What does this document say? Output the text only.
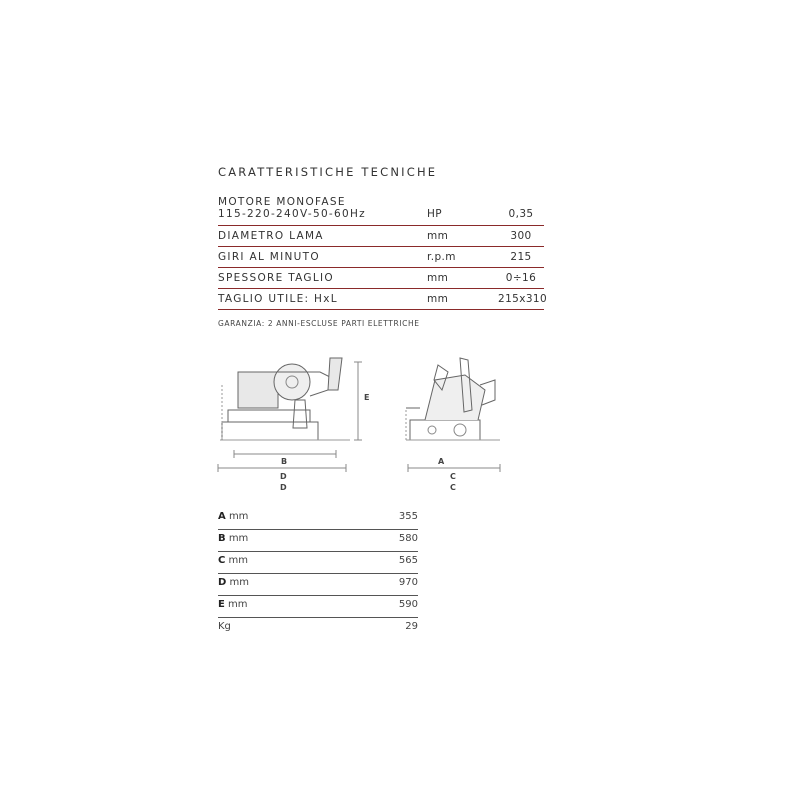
CARATTERISTICHE TECNICHE
MOTORE MONOFASE
115-220-240V-50-60Hz	HP	0,35
DIAMETRO LAMA	mm	300
GIRI AL MINUTO	r.p.m	215
SPESSORE TAGLIO	mm	0÷16
TAGLIO UTILE: HxL	mm	215x310
GARANZIA: 2 ANNI-ESCLUSE PARTI ELETTRICHE
E
B
D
D
A
C
C
A mm	355
B mm	580
C mm	565
D mm	970
E mm	590
Kg	29
